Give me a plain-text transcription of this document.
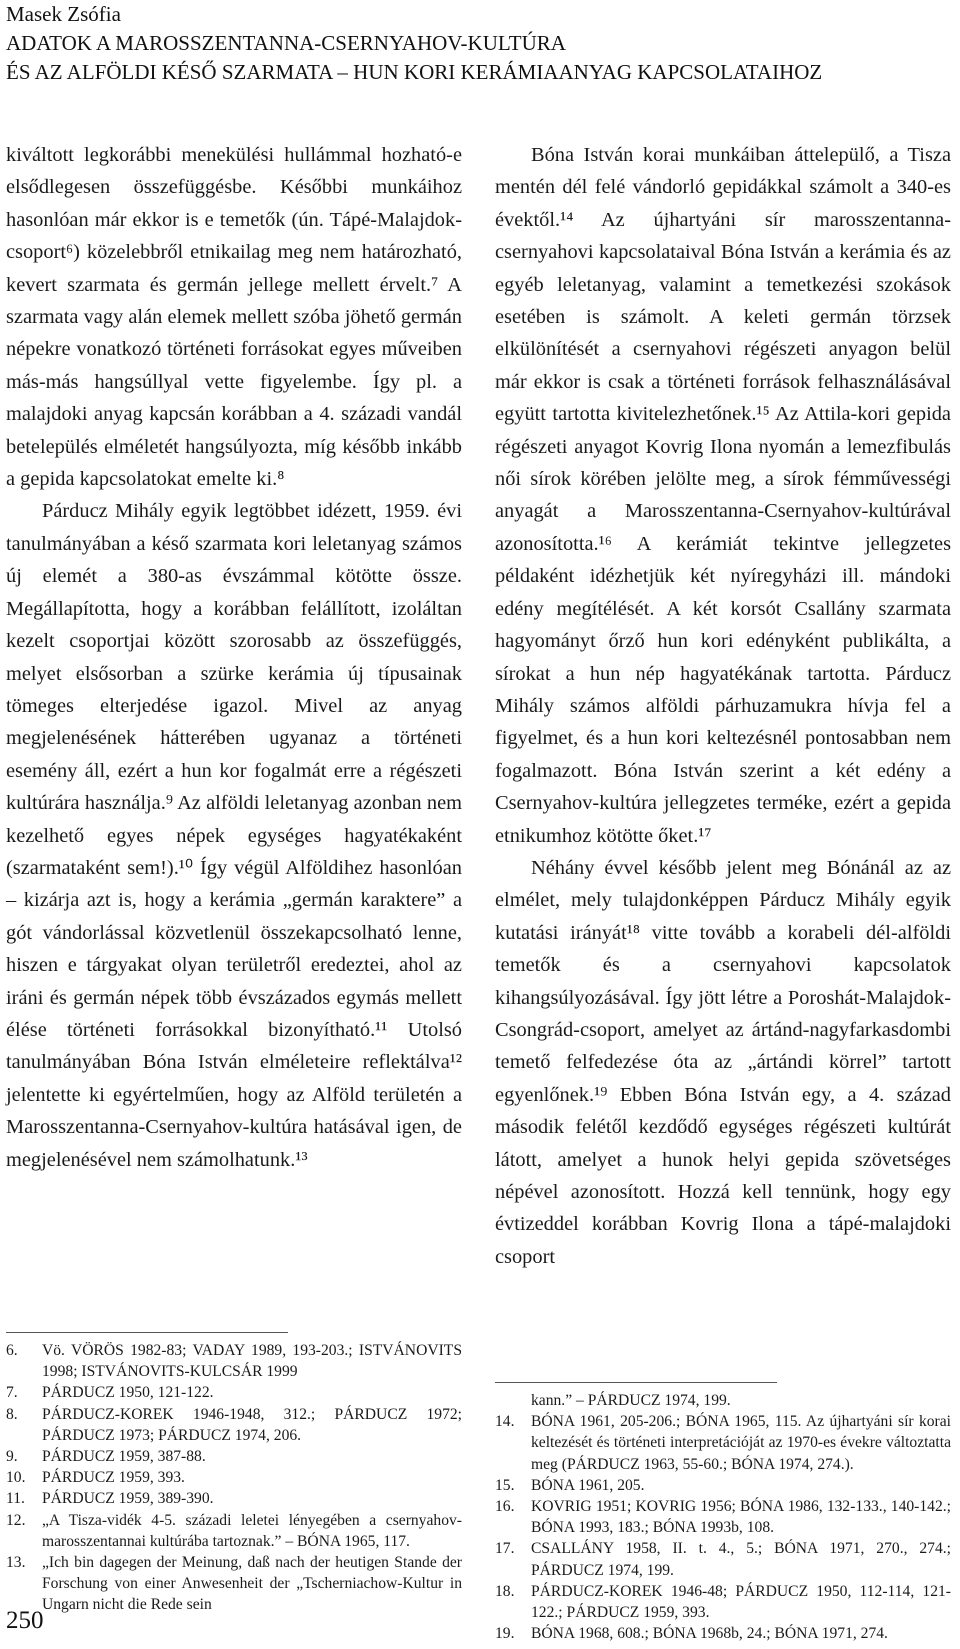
Masek Zsófia
ADATOK A MAROSSZENTANNA-CSERNYAHOV-KULTÚRA
ÉS AZ ALFÖLDI KÉSŐ SZARMATA – HUN KORI KERÁMIAANYAG KAPCSOLATAIHOZ

kiváltott legkorábbi menekülési hullámmal hozható-e elsődlegesen összefüggésbe. Későbbi munkáihoz hasonlóan már ekkor is e temetők (ún. Tápé-Malajdok-csoport⁶) közelebbről etnikailag meg nem határozható, kevert szarmata és germán jellege mellett érvelt.⁷ A szarmata vagy alán elemek mellett szóba jöhető germán népekre vonatkozó történeti forrásokat egyes műveiben más-más hangsúllyal vette figyelembe. Így pl. a malajdoki anyag kapcsán korábban a 4. századi vandál betelepülés elméletét hangsúlyozta, míg később inkább a gepida kapcsolatokat emelte ki.⁸

Párducz Mihály egyik legtöbbet idézett, 1959. évi tanulmányában a késő szarmata kori leletanyag számos új elemét a 380-as évszámmal kötötte össze. Megállapította, hogy a korábban felállított, izoláltan kezelt csoportjai között szorosabb az összefüggés, melyet elsősorban a szürke kerámia új típusainak tömeges elterjedése igazol. Mivel az anyag megjelenésének hátterében ugyanaz a történeti esemény áll, ezért a hun kor fogalmát erre a régészeti kultúrára használja.⁹ Az alföldi leletanyag azonban nem kezelhető egyes népek egységes hagyatékaként (szarmataként sem!).¹⁰ Így végül Alföldihez hasonlóan – kizárja azt is, hogy a kerámia „germán karaktere” a gót vándorlással közvetlenül összekapcsolható lenne, hiszen e tárgyakat olyan területről eredeztei, ahol az iráni és germán népek több évszázados egymás mellett élése történeti forrásokkal bizonyítható.¹¹ Utolsó tanulmányában Bóna István elméleteire reflektálva¹² jelentette ki egyértelműen, hogy az Alföld területén a Marosszentanna-Csernyahov-kultúra hatásával igen, de megjelenésével nem számolhatunk.¹³

Bóna István korai munkáiban áttelepülő, a Tisza mentén dél felé vándorló gepidákkal számolt a 340-es évektől.¹⁴ Az újhartyáni sír marosszentanna-csernyahovi kapcsolataival Bóna István a kerámia és az egyéb leletanyag, valamint a temetkezési szokások esetében is számolt. A keleti germán törzsek elkülönítését a csernyahovi régészeti anyagon belül már ekkor is csak a történeti források felhasználásával együtt tartotta kivitelezhetőnek.¹⁵ Az Attila-kori gepida régészeti anyagot Kovrig Ilona nyomán a lemezfibulás női sírok körében jelölte meg, a sírok fémművességi anyagát a Marosszentanna-Csernyahov-kultúrával azonosította.¹⁶ A kerámiát tekintve jellegzetes példaként idézhetjük két nyíregyházi ill. mándoki edény megítélését. A két korsót Csallány szarmata hagyományt őrző hun kori edényként publikálta, a sírokat a hun nép hagyatékának tartotta. Párducz Mihály számos alföldi párhuzamukra hívja fel a figyelmet, és a hun kori keltezésnél pontosabban nem fogalmazott. Bóna István szerint a két edény a Csernyahov-kultúra jellegzetes terméke, ezért a gepida etnikumhoz kötötte őket.¹⁷

Néhány évvel később jelent meg Bónánál az az elmélet, mely tulajdonképpen Párducz Mihály egyik kutatási irányát¹⁸ vitte tovább a korabeli dél-alföldi temetők és a csernyahovi kapcsolatok kihangsúlyozásával. Így jött létre a Poroshát-Malajdok-Csongrád-csoport, amelyet az ártánd-nagyfarkasdombi temető felfedezése óta az „ártándi körrel” tartott egyenlőnek.¹⁹ Ebben Bóna István egy, a 4. század második felétől kezdődő egységes régészeti kultúrát látott, amelyet a hunok helyi gepida szövetséges népével azonosított. Hozzá kell tennünk, hogy egy évtizeddel korábban Kovrig Ilona a tápé-malajdoki csoport

6.	Vö. VÖRÖS 1982-83; VADAY 1989, 193-203.; ISTVÁNOVITS 1998; ISTVÁNOVITS-KULCSÁR 1999
7.	PÁRDUCZ 1950, 121-122.
8.	PÁRDUCZ-KOREK 1946-1948, 312.; PÁRDUCZ 1972; PÁRDUCZ 1973; PÁRDUCZ 1974, 206.
9.	PÁRDUCZ 1959, 387-88.
10.	PÁRDUCZ 1959, 393.
11.	PÁRDUCZ 1959, 389-390.
12.	„A Tisza-vidék 4-5. századi leletei lényegében a csernyahov-marosszentannai kultúrába tartoznak.” – BÓNA 1965, 117.
13.	„Ich bin dagegen der Meinung, daß nach der heutigen Stande der Forschung von einer Anwesenheit der „Tscherniachow-Kultur in Ungarn nicht die Rede sein
kann.” – PÁRDUCZ 1974, 199.
14.	BÓNA 1961, 205-206.; BÓNA 1965, 115. Az újhartyáni sír korai keltezését és történeti interpretációját az 1970-es évekre változtatta meg (PÁRDUCZ 1963, 55-60.; BÓNA 1974, 274.).
15.	BÓNA 1961, 205.
16.	KOVRIG 1951; KOVRIG 1956; BÓNA 1986, 132-133., 140-142.; BÓNA 1993, 183.; BÓNA 1993b, 108.
17.	CSALLÁNY 1958, II. t. 4., 5.; BÓNA 1971, 270., 274.; PÁRDUCZ 1974, 199.
18.	PÁRDUCZ-KOREK 1946-48; PÁRDUCZ 1950, 112-114, 121-122.; PÁRDUCZ 1959, 393.
19.	BÓNA 1968, 608.; BÓNA 1968b, 24.; BÓNA 1971, 274.
250
